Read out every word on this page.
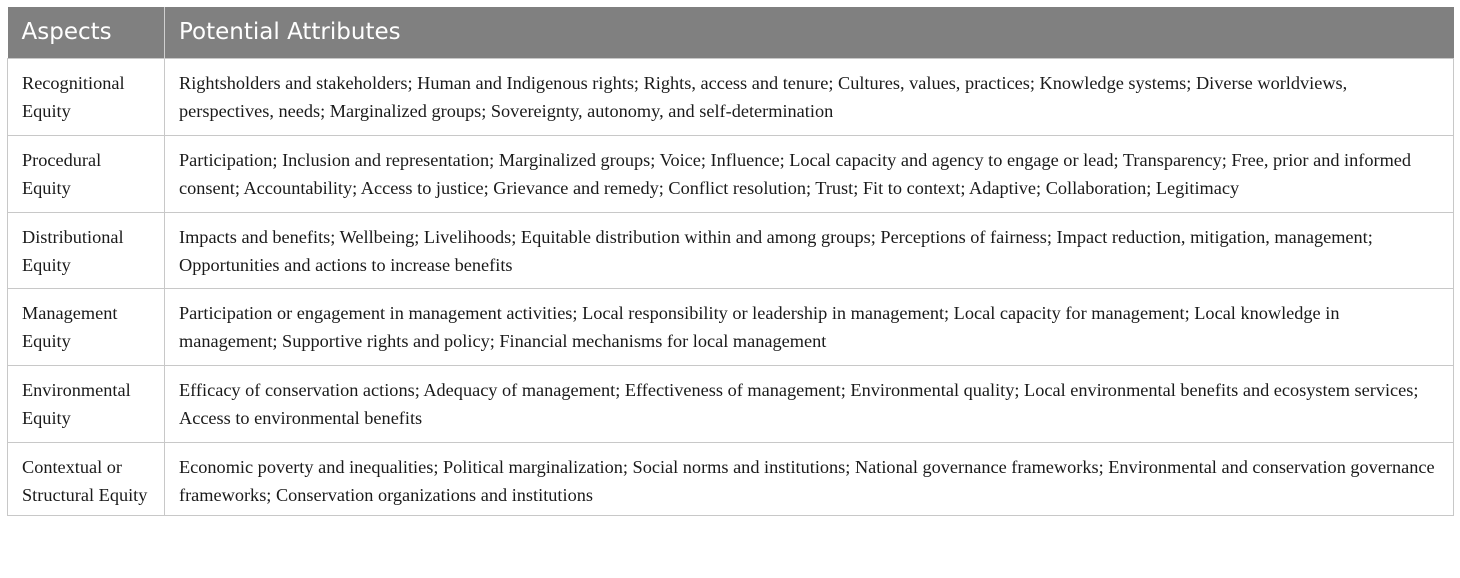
Aspects	Potential Attributes
Recognitional Equity	Rightsholders and stakeholders; Human and Indigenous rights; Rights, access and tenure; Cultures, values, practices; Knowledge systems; Diverse worldviews, perspectives, needs; Marginalized groups; Sovereignty, autonomy, and self-determination
Procedural Equity	Participation; Inclusion and representation; Marginalized groups; Voice; Influence; Local capacity and agency to engage or lead; Transparency; Free, prior and informed consent; Accountability; Access to justice; Grievance and remedy; Conflict resolution; Trust; Fit to context; Adaptive; Collaboration; Legitimacy
Distributional Equity	Impacts and benefits; Wellbeing; Livelihoods; Equitable distribution within and among groups; Perceptions of fairness; Impact reduction, mitigation, management; Opportunities and actions to increase benefits
Management Equity	Participation or engagement in management activities; Local responsibility or leadership in management; Local capacity for management; Local knowledge in management; Supportive rights and policy; Financial mechanisms for local management
Environmental Equity	Efficacy of conservation actions; Adequacy of management; Effectiveness of management; Environmental quality; Local environmental benefits and ecosystem services; Access to environmental benefits
Contextual or Structural Equity	Economic poverty and inequalities; Political marginalization; Social norms and institutions; National governance frameworks; Environmental and conservation governance frameworks; Conservation organizations and institutions
